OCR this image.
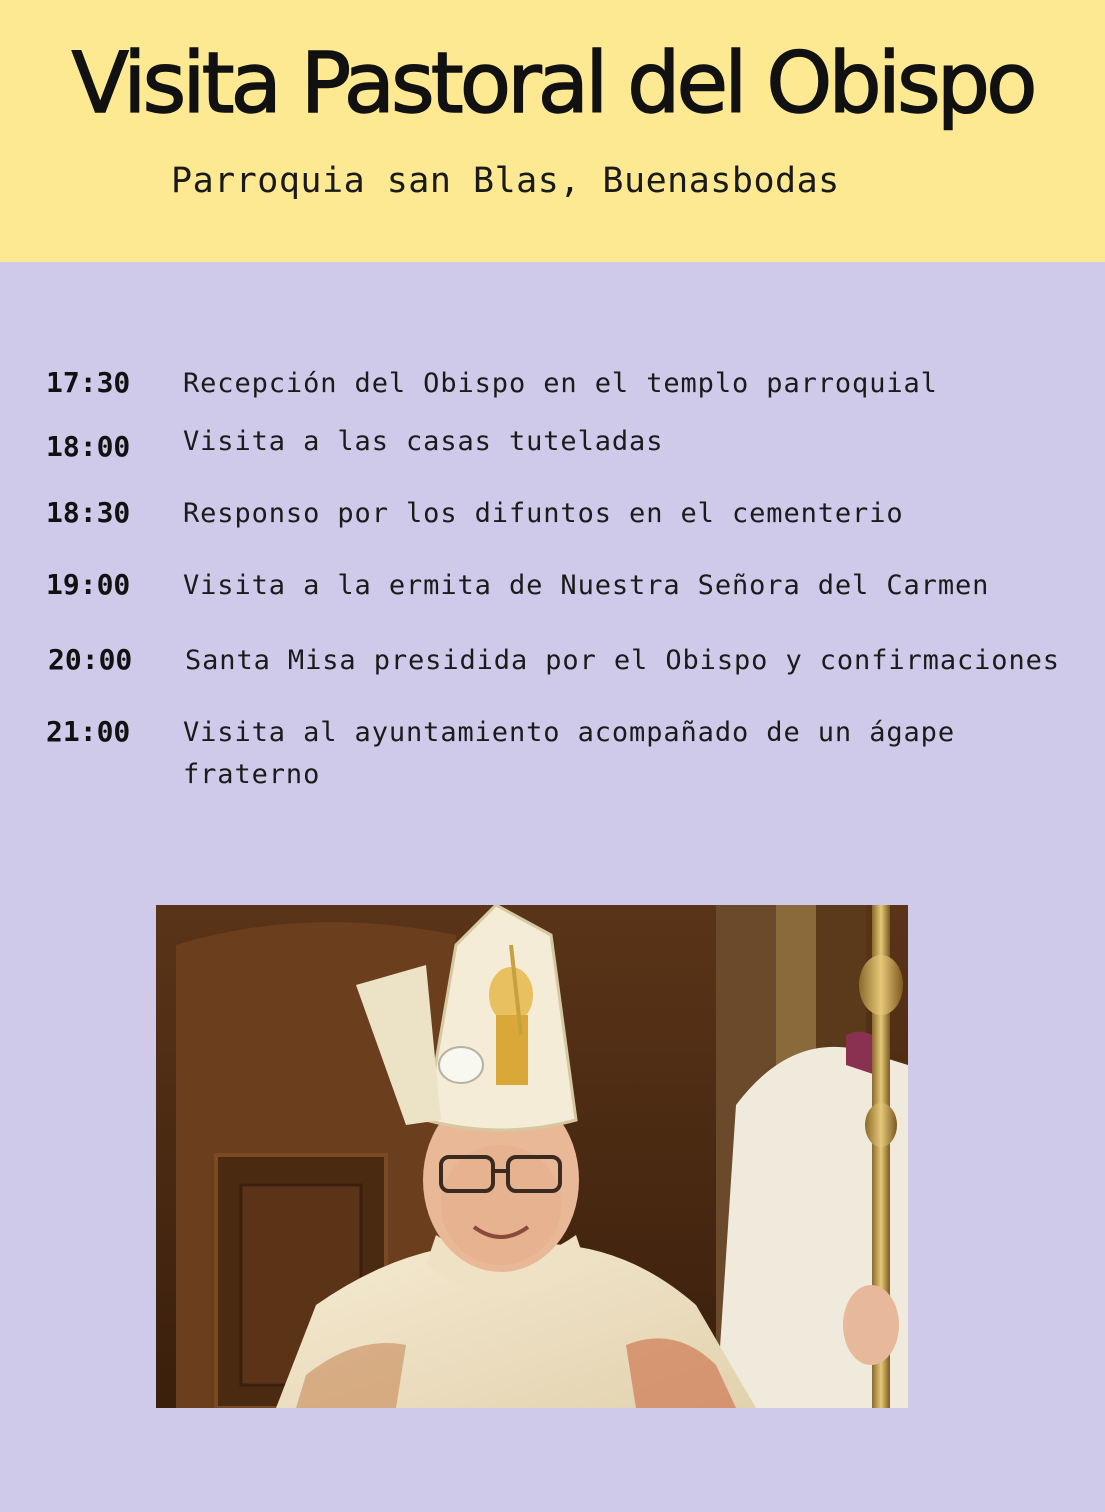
Visita Pastoral del Obispo
Parroquia san Blas, Buenasbodas
17:30 Recepción del Obispo en el templo parroquial
18:00 Visita a las casas tuteladas
18:30 Responso por los difuntos en el cementerio
19:00 Visita a la ermita de Nuestra Señora del Carmen
20:00 Santa Misa presidida por el Obispo y confirmaciones
21:00 Visita al ayuntamiento acompañado de un ágape fraterno
